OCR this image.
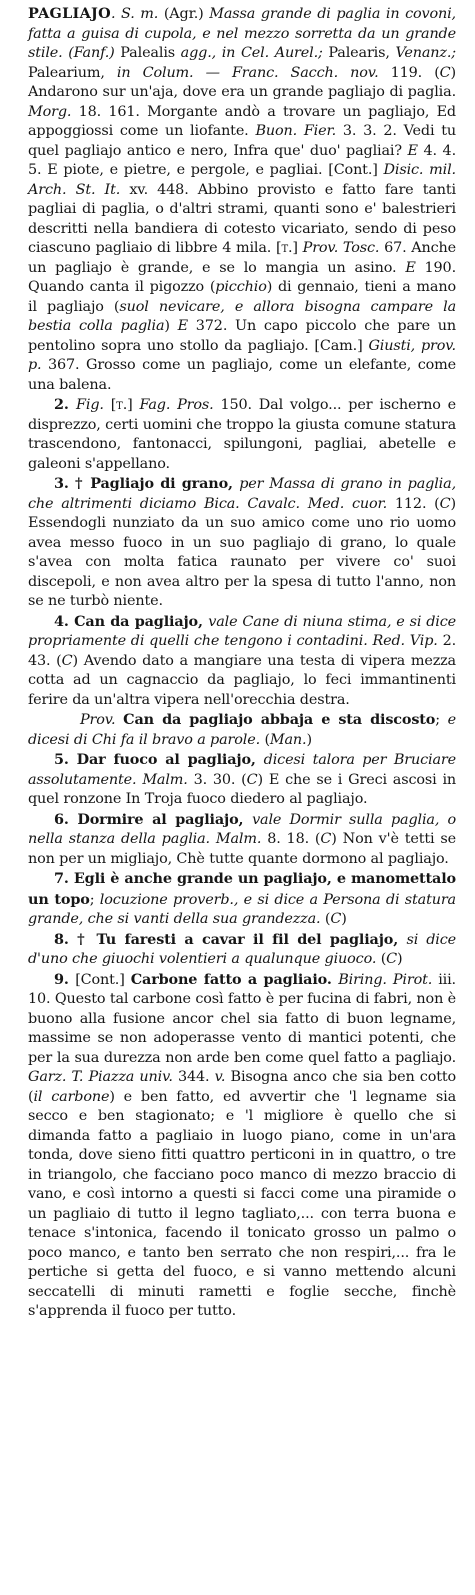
PAGLIAJO. S. m. (Agr.) Massa grande di paglia in covoni, fatta a guisa di cupola, e nel mezzo sorretta da un grande stile. (Fanf.) Palealis agg., in Cel. Aurel.; Palearis, Venanz.; Palearium, in Colum. — Franc. Sacch. nov. 119. (C) Andarono sur un'aja, dove era un grande pagliajo di paglia. Morg. 18. 161. Morgante andò a trovare un pagliajo, Ed appoggiossi come un liofante. Buon. Fier. 3. 3. 2. Vedi tu quel pagliajo antico e nero, Infra que' duo' pagliai? E 4. 4. 5. E piote, e pietre, e pergole, e pagliai. [Cont.] Disic. mil. Arch. St. It. xv. 448. Abbino provisto e fatto fare tanti pagliai di paglia, o d'altri strami, quanti sono e' balestrieri descritti nella bandiera di cotesto vicariato, sendo di peso ciascuno pagliaio di libbre 4 mila. [t.] Prov. Tosc. 67. Anche un pagliajo è grande, e se lo mangia un asino. E 190. Quando canta il pigozzo (picchio) di gennaio, tieni a mano il pagliajo (suol nevicare, e allora bisogna campare la bestia colla paglia) E 372. Un capo piccolo che pare un pentolino sopra uno stollo da pagliajo. [Cam.] Giusti, prov. p. 367. Grosso come un pagliajo, come un elefante, come una balena.

2. Fig. [t.] Fag. Pros. 150. Dal volgo... per ischerno e disprezzo, certi uomini che troppo la giusta comune statura trascendono, fantonacci, spilungoni, pagliai, abetelle e galeoni s'appellano.

3. † Pagliajo di grano, per Massa di grano in paglia, che altrimenti diciamo Bica. Cavalc. Med. cuor. 112. (C) Essendogli nunziato da un suo amico come uno rio uomo avea messo fuoco in un suo pagliajo di grano, lo quale s'avea con molta fatica raunato per vivere co' suoi discepoli, e non avea altro per la spesa di tutto l'anno, non se ne turbò niente.

4. Can da pagliajo, vale Cane di niuna stima, e si dice propriamente di quelli che tengono i contadini. Red. Vip. 2. 43. (C) Avendo dato a mangiare una testa di vipera mezza cotta ad un cagnaccio da pagliajo, lo feci immantinenti ferire da un'altra vipera nell'orecchia destra.

Prov. Can da pagliajo abbaja e sta discosto; e dicesi di Chi fa il bravo a parole. (Man.)

5. Dar fuoco al pagliajo, dicesi talora per Bruciare assolutamente. Malm. 3. 30. (C) E che se i Greci ascosi in quel ronzone In Troja fuoco diedero al pagliajo.

6. Dormire al pagliajo, vale Dormir sulla paglia, o nella stanza della paglia. Malm. 8. 18. (C) Non v'è tetti se non per un migliajo, Chè tutte quante dormono al pagliajo.

7. Egli è anche grande un pagliajo, e manomettalo un topo; locuzione proverb., e si dice a Persona di statura grande, che si vanti della sua grandezza. (C)

8. † Tu faresti a cavar il fil del pagliajo, si dice d'uno che giuochi volentieri a qualunque giuoco. (C)

9. [Cont.] Carbone fatto a pagliaio. Biring. Pirot. iii. 10. Questo tal carbone così fatto è per fucina di fabri, non è buono alla fusione ancor chel sia fatto di buon legname, massime se non adoperasse vento di mantici potenti, che per la sua durezza non arde ben come quel fatto a pagliajo. Garz. T. Piazza univ. 344. v. Bisogna anco che sia ben cotto (il carbone) e ben fatto, ed avvertir che 'l legname sia secco e ben stagionato; e 'l migliore è quello che si dimanda fatto a pagliaio in luogo piano, come in un'ara tonda, dove sieno fitti quattro perticoni in in quattro, o tre in triangolo, che facciano poco manco di mezzo braccio di vano, e così intorno a questi si facci come una piramide o un pagliaio di tutto il legno tagliato,... con terra buona e tenace s'intonica, facendo il tonicato grosso un palmo o poco manco, e tanto ben serrato che non respiri,... fra le pertiche si getta del fuoco, e si vanno mettendo alcuni seccatelli di minuti rametti e foglie secche, finchè s'apprenda il fuoco per tutto.
